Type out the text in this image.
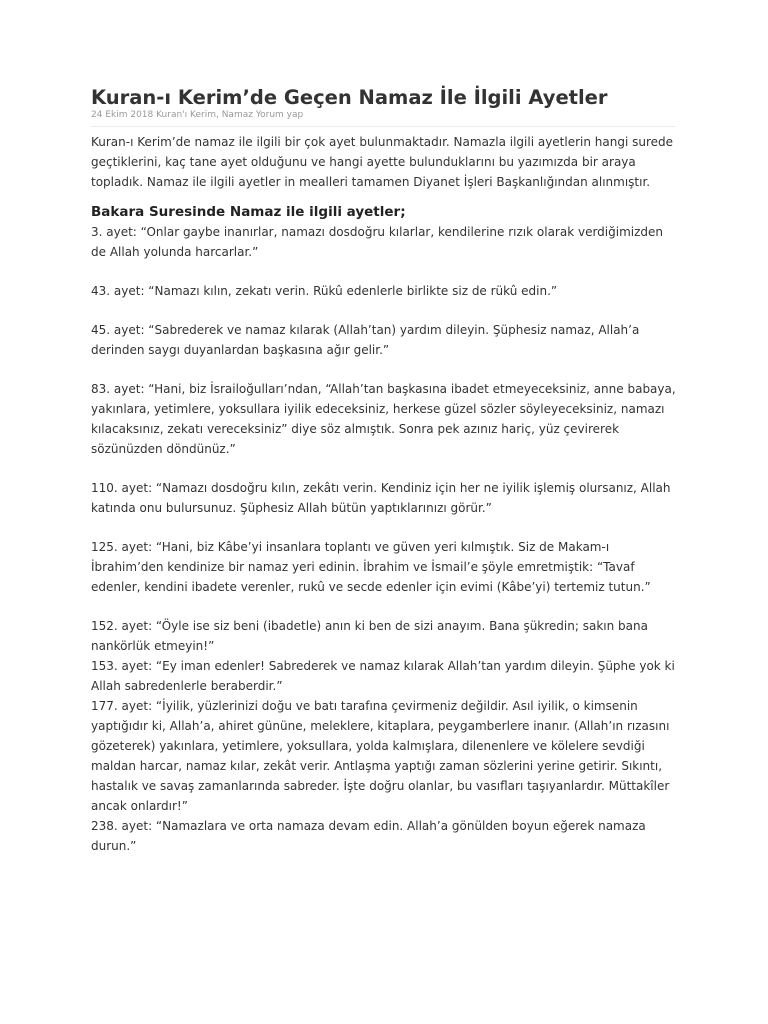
Kuran-ı Kerim’de Geçen Namaz İle İlgili Ayetler
24 Ekim 2018 Kuran'ı Kerim, Namaz Yorum yap

Kuran-ı Kerim’de namaz ile ilgili bir çok ayet bulunmaktadır. Namazla ilgili ayetlerin hangi surede geçtiklerini, kaç tane ayet olduğunu ve hangi ayette bulunduklarını bu yazımızda bir araya topladık. Namaz ile ilgili ayetler in mealleri tamamen Diyanet İşleri Başkanlığından alınmıştır.

Bakara Suresinde Namaz ile ilgili ayetler;

3. ayet: “Onlar gaybe inanırlar, namazı dosdoğru kılarlar, kendilerine rızık olarak verdiğimizden de Allah yolunda harcarlar.”

43. ayet: “Namazı kılın, zekatı verin. Rükû edenlerle birlikte siz de rükû edin.”

45. ayet: “Sabrederek ve namaz kılarak (Allah’tan) yardım dileyin. Şüphesiz namaz, Allah’a derinden saygı duyanlardan başkasına ağır gelir.”

83. ayet: “Hani, biz İsrailoğulları’ndan, “Allah’tan başkasına ibadet etmeyeceksiniz, anne babaya, yakınlara, yetimlere, yoksullara iyilik edeceksiniz, herkese güzel sözler söyleyeceksiniz, namazı kılacaksınız, zekatı vereceksiniz” diye söz almıştık. Sonra pek azınız hariç, yüz çevirerek sözünüzden döndünüz.”

110. ayet: “Namazı dosdoğru kılın, zekâtı verin. Kendiniz için her ne iyilik işlemiş olursanız, Allah katında onu bulursunuz. Şüphesiz Allah bütün yaptıklarınızı görür.”

125. ayet: “Hani, biz Kâbe’yi insanlara toplantı ve güven yeri kılmıştık. Siz de Makam-ı İbrahim’den kendinize bir namaz yeri edinin. İbrahim ve İsmail’e şöyle emretmiştik: “Tavaf edenler, kendini ibadete verenler, rukû ve secde edenler için evimi (Kâbe’yi) tertemiz tutun.”

152. ayet: “Öyle ise siz beni (ibadetle) anın ki ben de sizi anayım. Bana şükredin; sakın bana nankörlük etmeyin!”

153. ayet: “Ey iman edenler! Sabrederek ve namaz kılarak Allah’tan yardım dileyin. Şüphe yok ki Allah sabredenlerle beraberdir.”

177. ayet: “İyilik, yüzlerinizi doğu ve batı tarafına çevirmeniz değildir. Asıl iyilik, o kimsenin yaptığıdır ki, Allah’a, ahiret gününe, meleklere, kitaplara, peygamberlere inanır. (Allah’ın rızasını gözeterek) yakınlara, yetimlere, yoksullara, yolda kalmışlara, dilenenlere ve kölelere sevdiği maldan harcar, namaz kılar, zekât verir. Antlaşma yaptığı zaman sözlerini yerine getirir. Sıkıntı, hastalık ve savaş zamanlarında sabreder. İşte doğru olanlar, bu vasıfları taşıyanlardır. Müttakîler ancak onlardır!”

238. ayet: “Namazlara ve orta namaza devam edin. Allah’a gönülden boyun eğerek namaza durun.”
